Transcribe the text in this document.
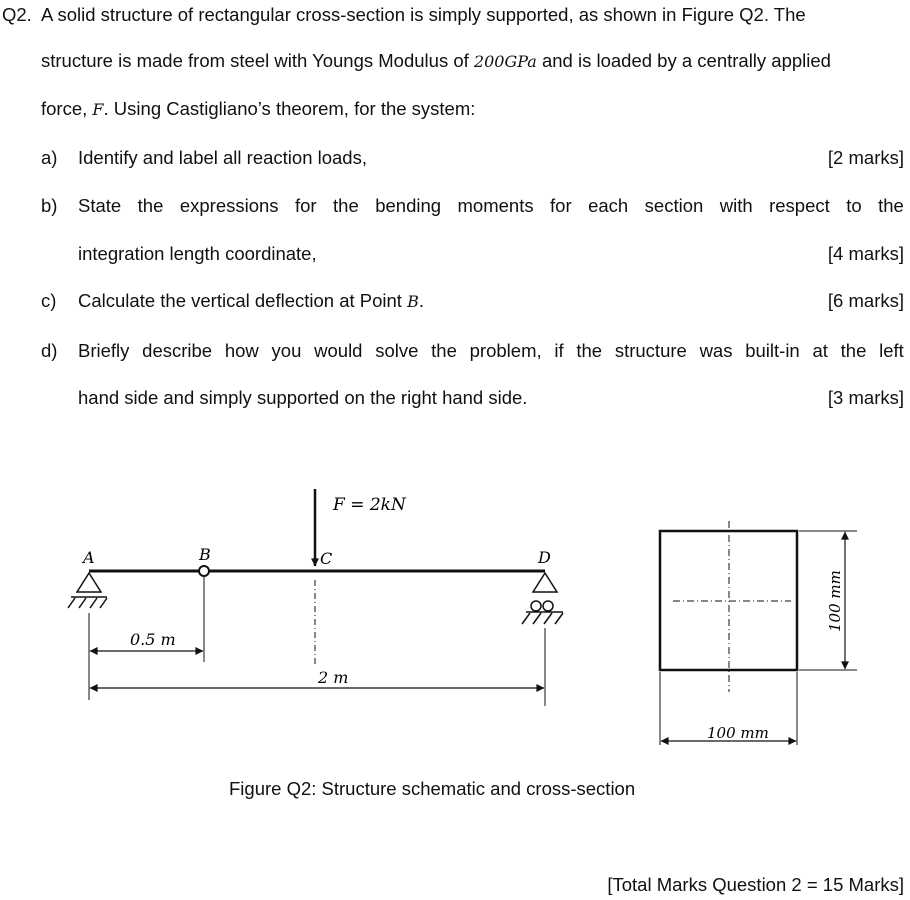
Q2. A solid structure of rectangular cross-section is simply supported, as shown in Figure Q2. The
structure is made from steel with Youngs Modulus of 200GPa and is loaded by a centrally applied
force, F. Using Castigliano’s theorem, for the system:
a) Identify and label all reaction loads,	[2 marks]
b) State the expressions for the bending moments for each section with respect to the
integration length coordinate,	[4 marks]
c) Calculate the vertical deflection at Point B.	[6 marks]
d) Briefly describe how you would solve the problem, if the structure was built-in at the left
hand side and simply supported on the right hand side.	[3 marks]
F = 2kN
A	B	C	D
0.5 m
2 m
100 mm
100 mm
Figure Q2: Structure schematic and cross-section
[Total Marks Question 2 = 15 Marks]
